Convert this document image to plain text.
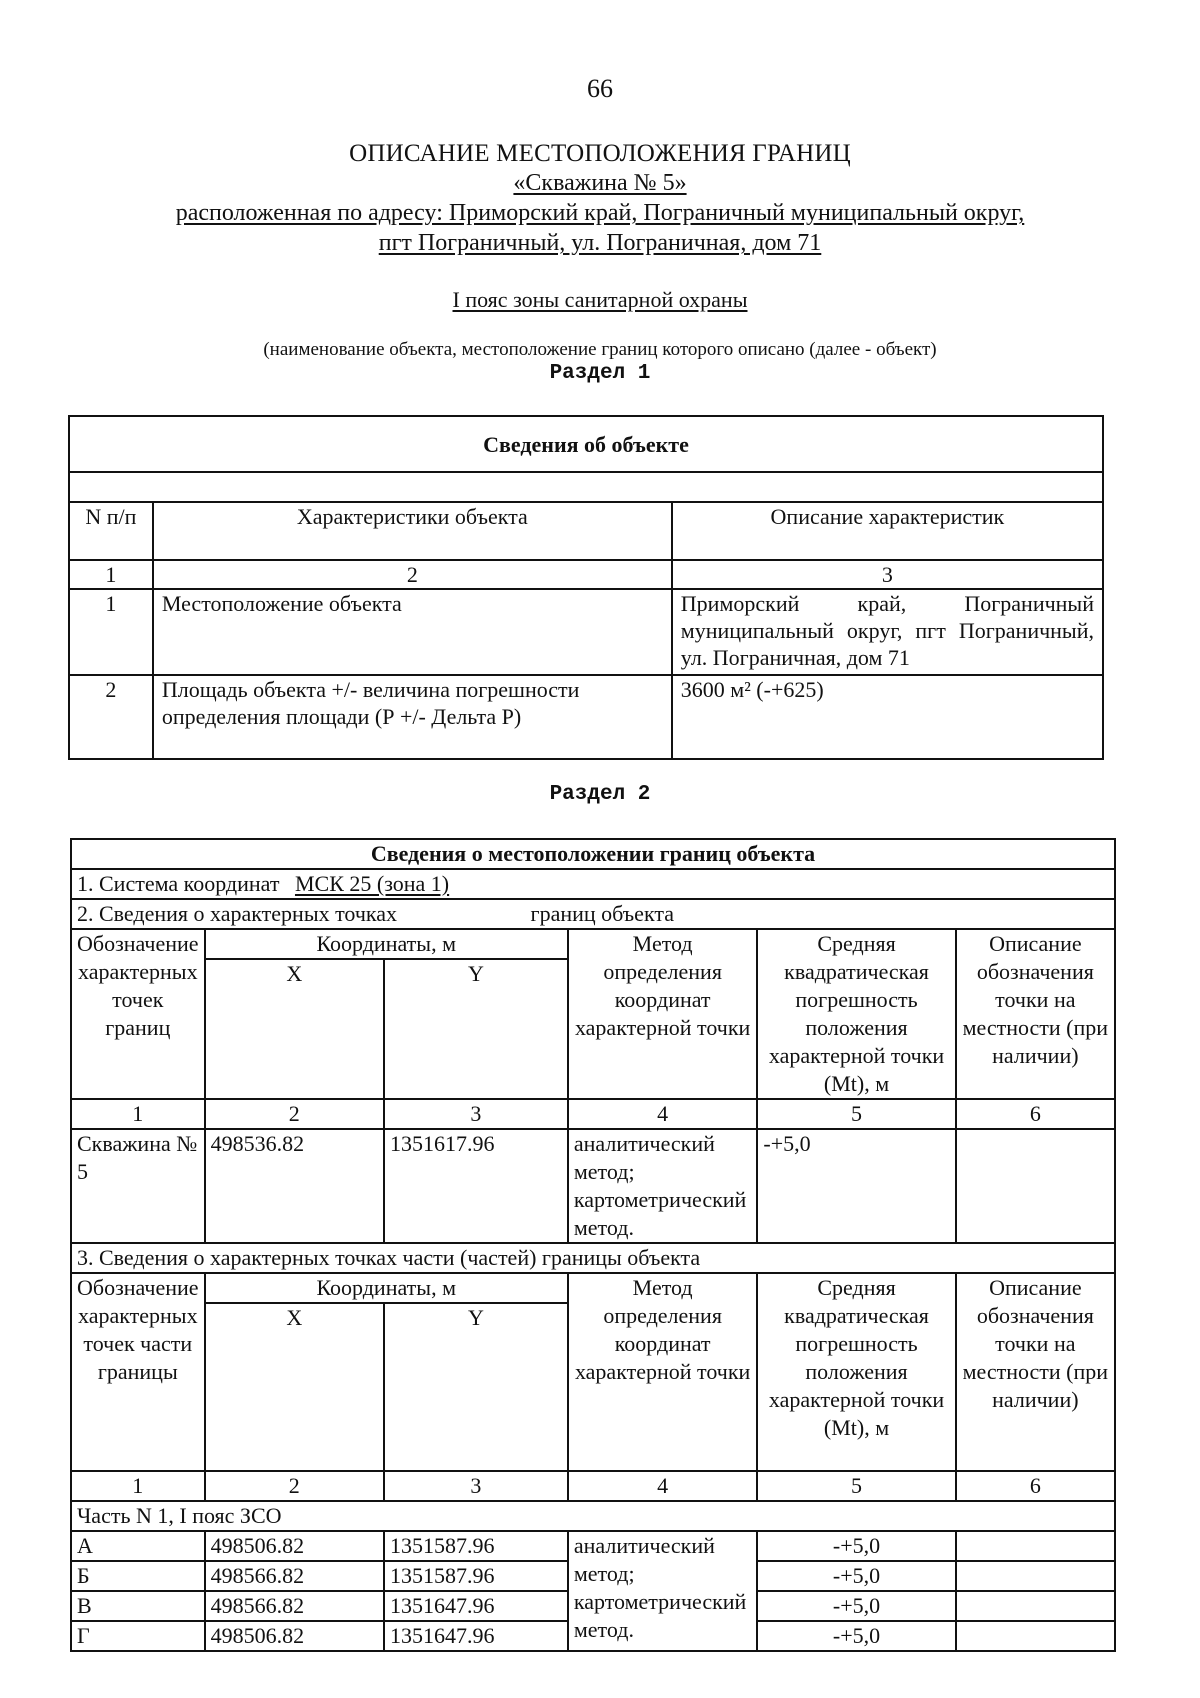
66
ОПИСАНИЕ МЕСТОПОЛОЖЕНИЯ ГРАНИЦ
«Скважина № 5»
расположенная по адресу: Приморский край, Пограничный муниципальный округ,
пгт Пограничный, ул. Пограничная, дом 71
I пояс зоны санитарной охраны
(наименование объекта, местоположение границ которого описано (далее - объект)
Раздел 1
Сведения об объекте		

N п/п	Характеристики объекта	Описание характеристик
1	2	3
1	Местоположение объекта	Приморский край, Пограничный муниципальный округ, пгт Пограничный, ул. Пограничная, дом 71
2	Площадь объекта +/- величина погрешности определения площади (Р +/- Дельта Р)	3600 м² (-+625)
Раздел 2
Сведения о местоположении границ объекта					
1. Система координат МСК 25 (зона 1)					
2. Сведения о характерных точках границ объекта					
Обозначение характерных точек границ	Координаты, м		Метод определения координат характерной точки	Средняя квадратическая погрешность положения характерной точки (Mt), м	Описание обозначения точки на местности (при наличии)
	X	Y			
1	2	3	4	5	6
Скважина № 5	498536.82	1351617.96	аналитический метод; картометрический метод.	-+5,0	
3. Сведения о характерных точках части (частей) границы объекта					
Обозначение характерных точек части границы	Координаты, м		Метод определения координат характерной точки	Средняя квадратическая погрешность положения характерной точки (Mt), м	Описание обозначения точки на местности (при наличии)
	X	Y			
1	2	3	4	5	6
Часть N 1, I пояс ЗСО					
А	498506.82	1351587.96	аналитический метод; картометрический метод.	-+5,0	
Б	498566.82	1351587.96		-+5,0	
В	498566.82	1351647.96		-+5,0	
Г	498506.82	1351647.96		-+5,0	
